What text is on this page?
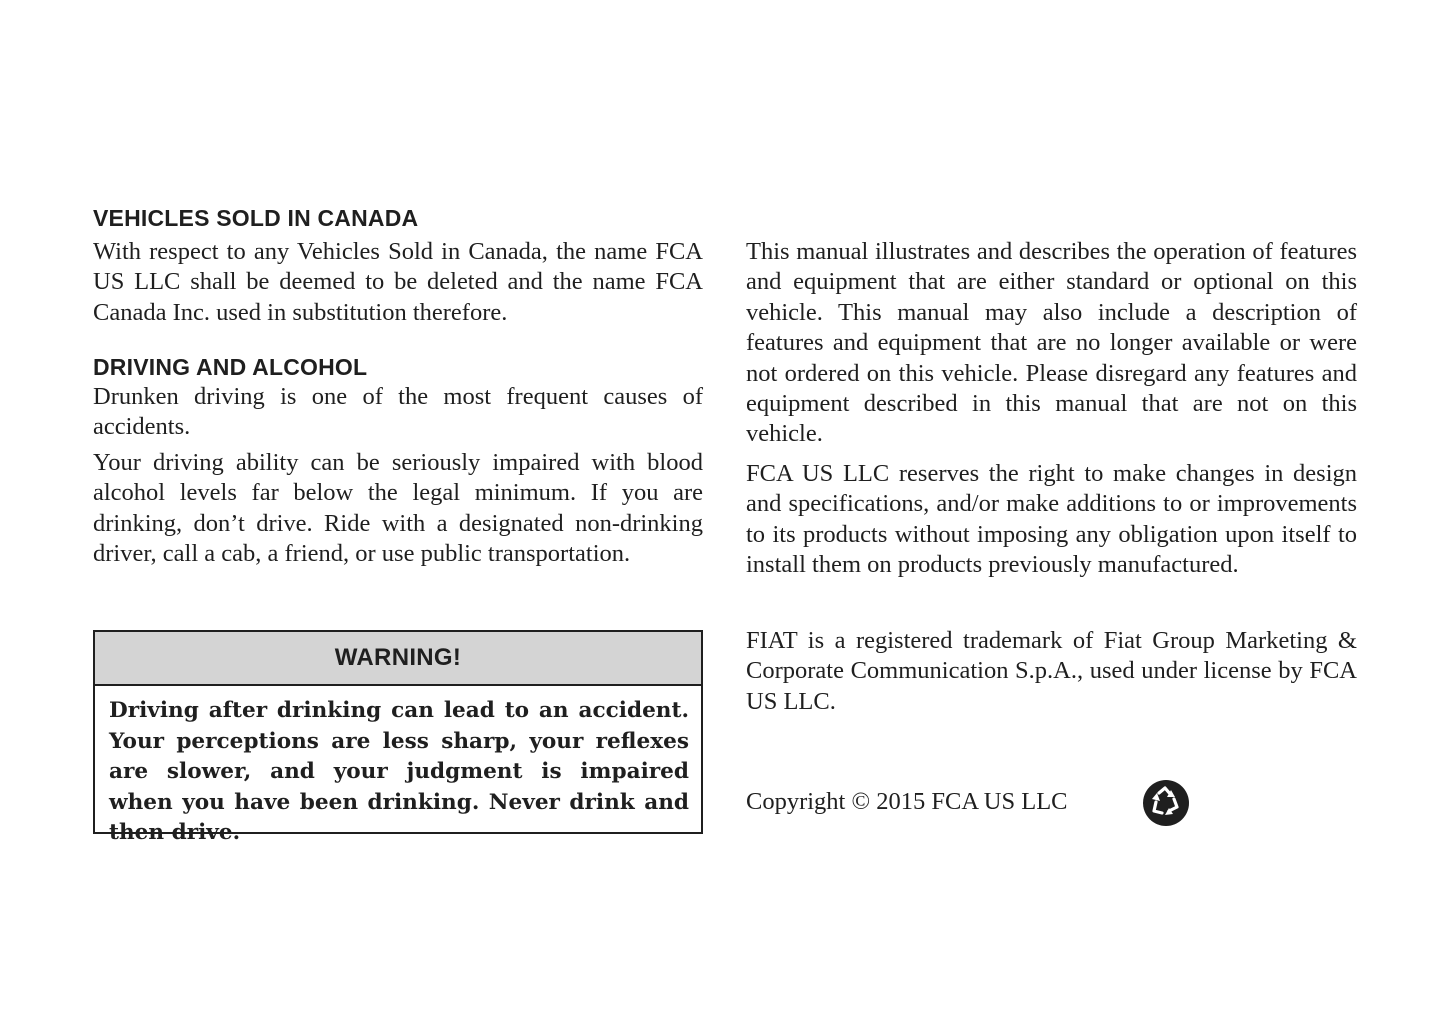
VEHICLES SOLD IN CANADA
With respect to any Vehicles Sold in Canada, the name FCA US LLC shall be deemed to be deleted and the name FCA Canada Inc. used in substitution therefore.
DRIVING AND ALCOHOL
Drunken driving is one of the most frequent causes of accidents.
Your driving ability can be seriously impaired with blood alcohol levels far below the legal minimum. If you are drinking, don’t drive. Ride with a designated non-drinking driver, call a cab, a friend, or use public transportation.
WARNING!
Driving after drinking can lead to an accident. Your perceptions are less sharp, your reflexes are slower, and your judgment is impaired when you have been drinking. Never drink and then drive.
This manual illustrates and describes the operation of features and equipment that are either standard or optional on this vehicle. This manual may also include a description of features and equipment that are no longer available or were not ordered on this vehicle. Please disregard any features and equipment described in this manual that are not on this vehicle.
FCA US LLC reserves the right to make changes in design and specifications, and/or make additions to or improvements to its products without imposing any obligation upon itself to install them on products previously manufactured.
FIAT is a registered trademark of Fiat Group Marketing & Corporate Communication S.p.A., used under license by FCA US LLC.
Copyright © 2015 FCA US LLC
